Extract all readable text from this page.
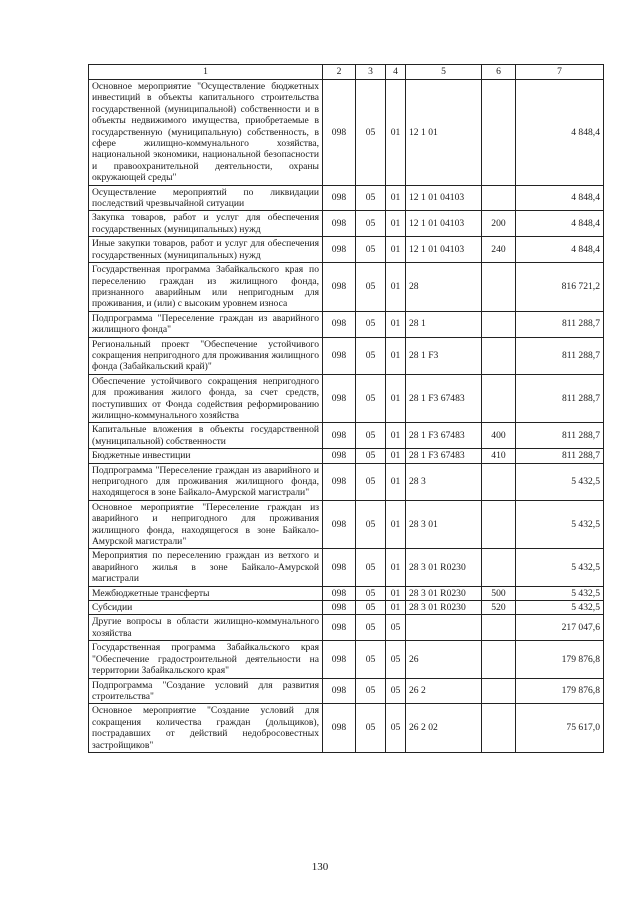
1	2	3	4	5	6	7
Основное мероприятие "Осуществление бюджетных инвестиций в объекты капитального строительства государственной (муниципальной) собственности и в объекты недвижимого имущества, приобретаемые в государственную (муниципальную) собственность, в сфере жилищно-коммунального хозяйства, национальной экономики, национальной безопасности и правоохранительной деятельности, охраны окружающей среды"	098	05	01	12 1 01		4 848,4
Осуществление мероприятий по ликвидации последствий чрезвычайной ситуации	098	05	01	12 1 01 04103		4 848,4
Закупка товаров, работ и услуг для обеспечения государственных (муниципальных) нужд	098	05	01	12 1 01 04103	200	4 848,4
Иные закупки товаров, работ и услуг для обеспечения государственных (муниципальных) нужд	098	05	01	12 1 01 04103	240	4 848,4
Государственная программа Забайкальского края по переселению граждан из жилищного фонда, признанного аварийным или непригодным для проживания, и (или) с высоким уровнем износа	098	05	01	28		816 721,2
Подпрограмма "Переселение граждан из аварийного жилищного фонда"	098	05	01	28 1		811 288,7
Региональный проект "Обеспечение устойчивого сокращения непригодного для проживания жилищного фонда (Забайкальский край)"	098	05	01	28 1 F3		811 288,7
Обеспечение устойчивого сокращения непригодного для проживания жилого фонда, за счет средств, поступивших от Фонда содействия реформированию жилищно-коммунального хозяйства	098	05	01	28 1 F3 67483		811 288,7
Капитальные вложения в объекты государственной (муниципальной) собственности	098	05	01	28 1 F3 67483	400	811 288,7
Бюджетные инвестиции	098	05	01	28 1 F3 67483	410	811 288,7
Подпрограмма "Переселение граждан из аварийного и непригодного для проживания жилищного фонда, находящегося в зоне Байкало-Амурской магистрали"	098	05	01	28 3		5 432,5
Основное мероприятие "Переселение граждан из аварийного и непригодного для проживания жилищного фонда, находящегося в зоне Байкало-Амурской магистрали"	098	05	01	28 3 01		5 432,5
Мероприятия по переселению граждан из ветхого и аварийного жилья в зоне Байкало-Амурской магистрали	098	05	01	28 3 01 R0230		5 432,5
Межбюджетные трансферты	098	05	01	28 3 01 R0230	500	5 432,5
Субсидии	098	05	01	28 3 01 R0230	520	5 432,5
Другие вопросы в области жилищно-коммунального хозяйства	098	05	05			217 047,6
Государственная программа Забайкальского края "Обеспечение градостроительной деятельности на территории Забайкальского края"	098	05	05	26		179 876,8
Подпрограмма "Создание условий для развития строительства"	098	05	05	26 2		179 876,8
Основное мероприятие "Создание условий для сокращения количества граждан (дольщиков), пострадавших от действий недобросовестных застройщиков"	098	05	05	26 2 02		75 617,0
130
